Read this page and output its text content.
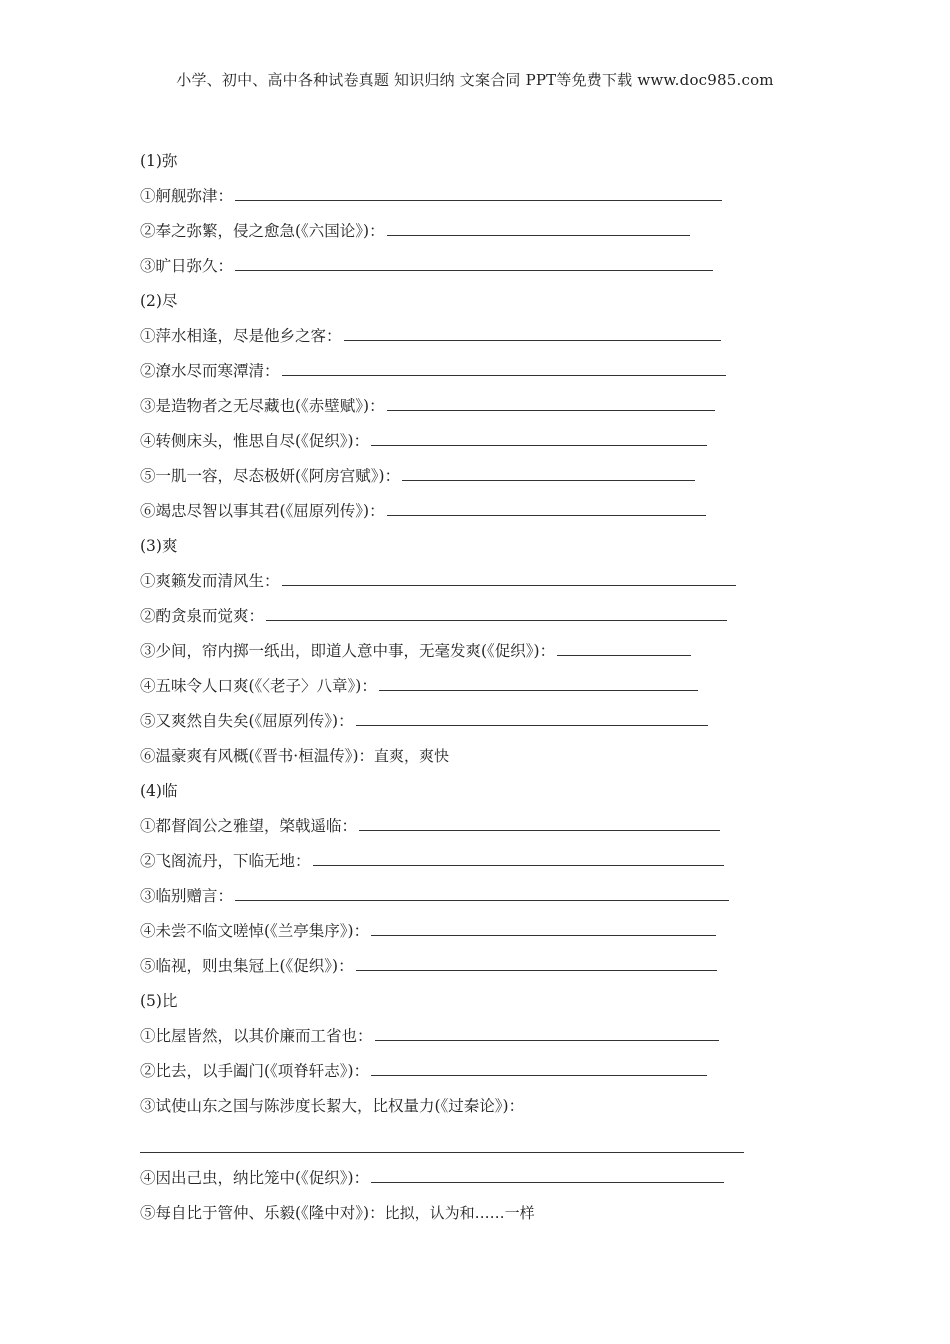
小学、初中、高中各种试卷真题 知识归纳 文案合同 PPT等免费下载 www.doc985.com
(1)弥
①舸舰弥津：
②奉之弥繁，侵之愈急(《六国论》)：
③旷日弥久：
(2)尽
①萍水相逢，尽是他乡之客：
②潦水尽而寒潭清：
③是造物者之无尽藏也(《赤壁赋》)：
④转侧床头，惟思自尽(《促织》)：
⑤一肌一容，尽态极妍(《阿房宫赋》)：
⑥竭忠尽智以事其君(《屈原列传》)：
(3)爽
①爽籁发而清风生：
②酌贪泉而觉爽：
③少间，帘内掷一纸出，即道人意中事，无毫发爽(《促织》)：
④五味令人口爽(《〈老子〉八章》)：
⑤又爽然自失矣(《屈原列传》)：
⑥温豪爽有风概(《晋书·桓温传》)：直爽，爽快
(4)临
①都督阎公之雅望，棨戟遥临：
②飞阁流丹，下临无地：
③临别赠言：
④未尝不临文嗟悼(《兰亭集序》)：
⑤临视，则虫集冠上(《促织》)：
(5)比
①比屋皆然，以其价廉而工省也：
②比去，以手阖门(《项脊轩志》)：
③试使山东之国与陈涉度长絜大，比权量力(《过秦论》)：
④因出己虫，纳比笼中(《促织》)：
⑤每自比于管仲、乐毅(《隆中对》)：比拟，认为和……一样
